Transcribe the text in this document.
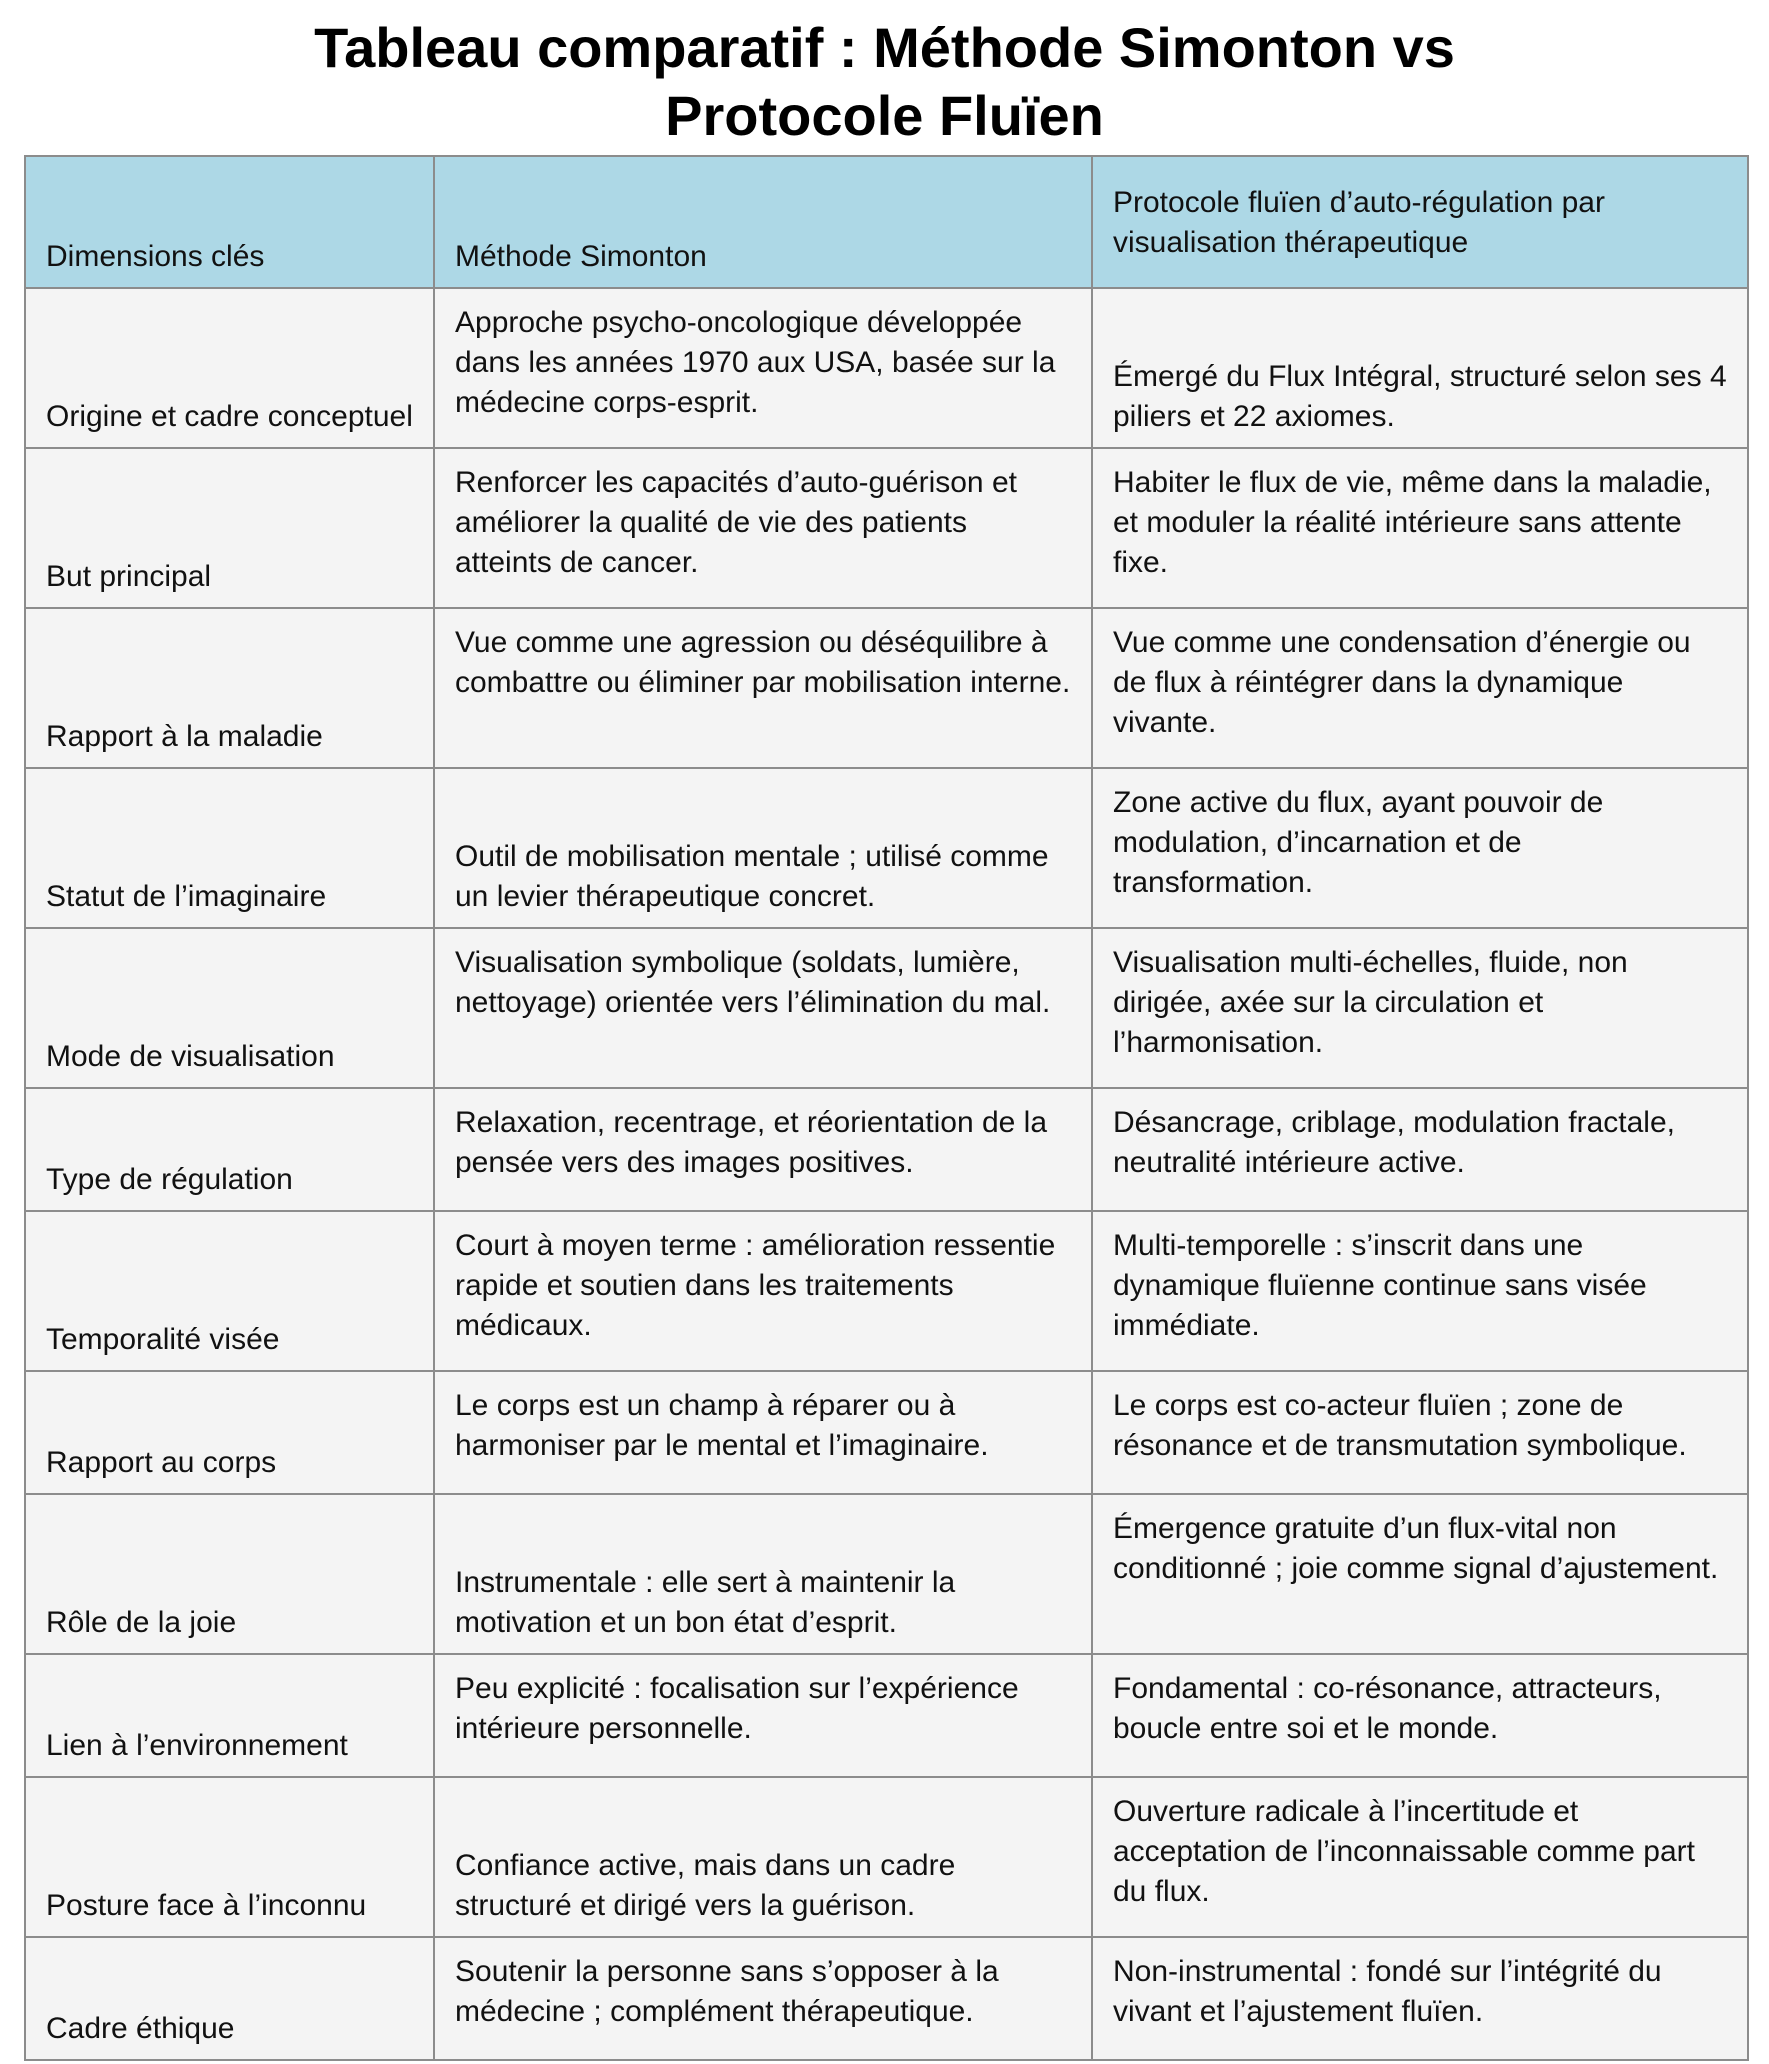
Tableau comparatif : Méthode Simonton vs
Protocole Fluïen
Dimensions clés	Méthode Simonton	Protocole fluïen d’auto-régulation par visualisation thérapeutique
Origine et cadre conceptuel	Approche psycho-oncologique développée dans les années 1970 aux USA, basée sur la médecine corps-esprit.	Émergé du Flux Intégral, structuré selon ses 4 piliers et 22 axiomes.
But principal	Renforcer les capacités d’auto-guérison et améliorer la qualité de vie des patients atteints de cancer.	Habiter le flux de vie, même dans la maladie, et moduler la réalité intérieure sans attente fixe.
Rapport à la maladie	Vue comme une agression ou déséquilibre à combattre ou éliminer par mobilisation interne.	Vue comme une condensation d’énergie ou de flux à réintégrer dans la dynamique vivante.
Statut de l’imaginaire	Outil de mobilisation mentale ; utilisé comme un levier thérapeutique concret.	Zone active du flux, ayant pouvoir de modulation, d’incarnation et de transformation.
Mode de visualisation	Visualisation symbolique (soldats, lumière, nettoyage) orientée vers l’élimination du mal.	Visualisation multi-échelles, fluide, non dirigée, axée sur la circulation et l’harmonisation.
Type de régulation	Relaxation, recentrage, et réorientation de la pensée vers des images positives.	Désancrage, criblage, modulation fractale, neutralité intérieure active.
Temporalité visée	Court à moyen terme : amélioration ressentie rapide et soutien dans les traitements médicaux.	Multi-temporelle : s’inscrit dans une dynamique fluïenne continue sans visée immédiate.
Rapport au corps	Le corps est un champ à réparer ou à harmoniser par le mental et l’imaginaire.	Le corps est co-acteur fluïen ; zone de résonance et de transmutation symbolique.
Rôle de la joie	Instrumentale : elle sert à maintenir la motivation et un bon état d’esprit.	Émergence gratuite d’un flux-vital non conditionné ; joie comme signal d’ajustement.
Lien à l’environnement	Peu explicité : focalisation sur l’expérience intérieure personnelle.	Fondamental : co-résonance, attracteurs, boucle entre soi et le monde.
Posture face à l’inconnu	Confiance active, mais dans un cadre structuré et dirigé vers la guérison.	Ouverture radicale à l’incertitude et acceptation de l’inconnaissable comme part du flux.
Cadre éthique	Soutenir la personne sans s’opposer à la médecine ; complément thérapeutique.	Non-instrumental : fondé sur l’intégrité du vivant et l’ajustement fluïen.
